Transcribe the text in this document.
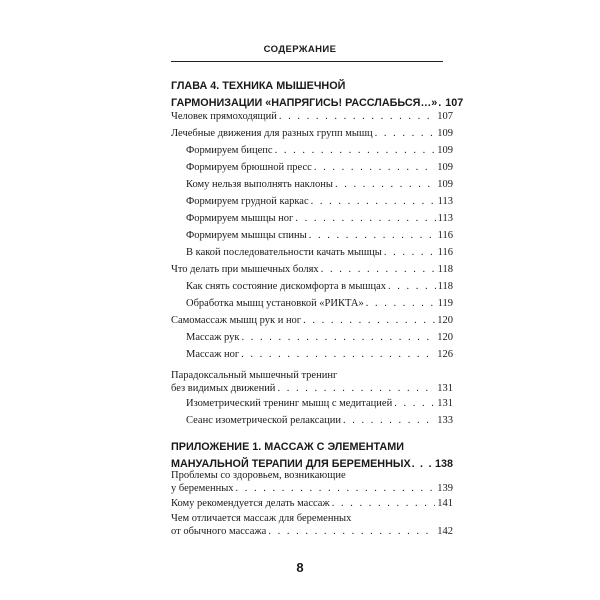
СОДЕРЖАНИЕ
ГЛАВА 4. ТЕХНИКА МЫШЕЧНОЙ
ГАРМОНИЗАЦИИ «НАПРЯГИСЬ! РАССЛАБЬСЯ…» . . . 107
Человек прямоходящий . . .	107
Лечебные движения для разных групп мышц . . .	109
Формируем бицепс . . .	109
Формируем брюшной пресс . . .	109
Кому нельзя выполнять наклоны . . .	109
Формируем грудной каркас . . .	113
Формируем мышцы ног . . .	113
Формируем мышцы спины . . .	116
В какой последовательности качать мышцы . . .	116
Что делать при мышечных болях . . .	118
Как снять состояние дискомфорта в мышцах . . .	118
Обработка мышц установкой «РИКТА» . . .	119
Самомассаж мышц рук и ног . . .	120
Массаж рук . . .	120
Массаж ног . . .	126
Парадоксальный мышечный тренинг
без видимых движений . . .	131
Изометрический тренинг мышц с медитацией . . .	131
Сеанс изометрической
релаксации . . .	133
ПРИЛОЖЕНИЕ 1. МАССАЖ С ЭЛЕМЕНТАМИ
МАНУАЛЬНОЙ ТЕРАПИИ ДЛЯ БЕРЕМЕННЫХ . . . 138
Проблемы со здоровьем, возникающие
у беременных . . .	139
Кому рекомендуется делать массаж . . .	141
Чем отличается массаж для беременных
от обычного массажа . . .	142
8
